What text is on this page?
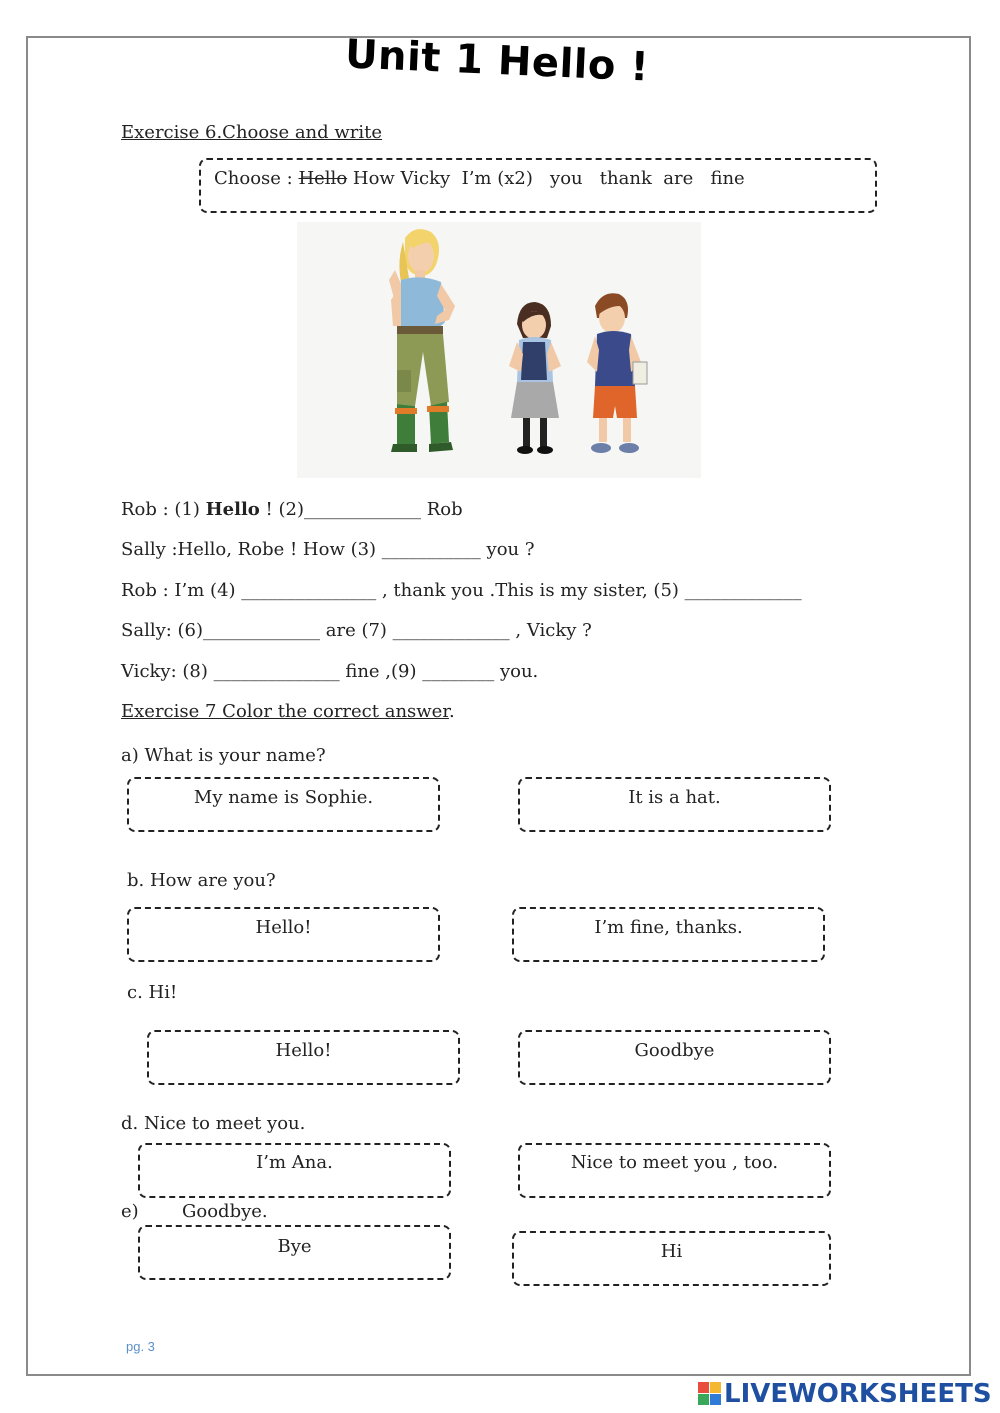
Unit 1 Hello !
Exercise 6.Choose and write
Choose : Hello How Vicky  I’m (x2)   you   thank  are   fine
Rob : (1) Hello ! (2)_____________ Rob
Sally :Hello, Robe ! How (3) ___________ you ?
Rob : I’m (4) _______________ , thank you .This is my sister, (5) _____________
Sally: (6)_____________ are (7) _____________ , Vicky ?
Vicky: (8) ______________ fine ,(9) ________ you.
Exercise 7 Color the correct answer.
a) What is your name?
My name is Sophie.	It is a hat.
b. How are you?
Hello!	I’m fine, thanks.
c. Hi!
Hello!	Goodbye
d. Nice to meet you.
I’m Ana.	Nice to meet you , too.
e) Goodbye.
Bye	Hi
pg. 3
LIVEWORKSHEETS
